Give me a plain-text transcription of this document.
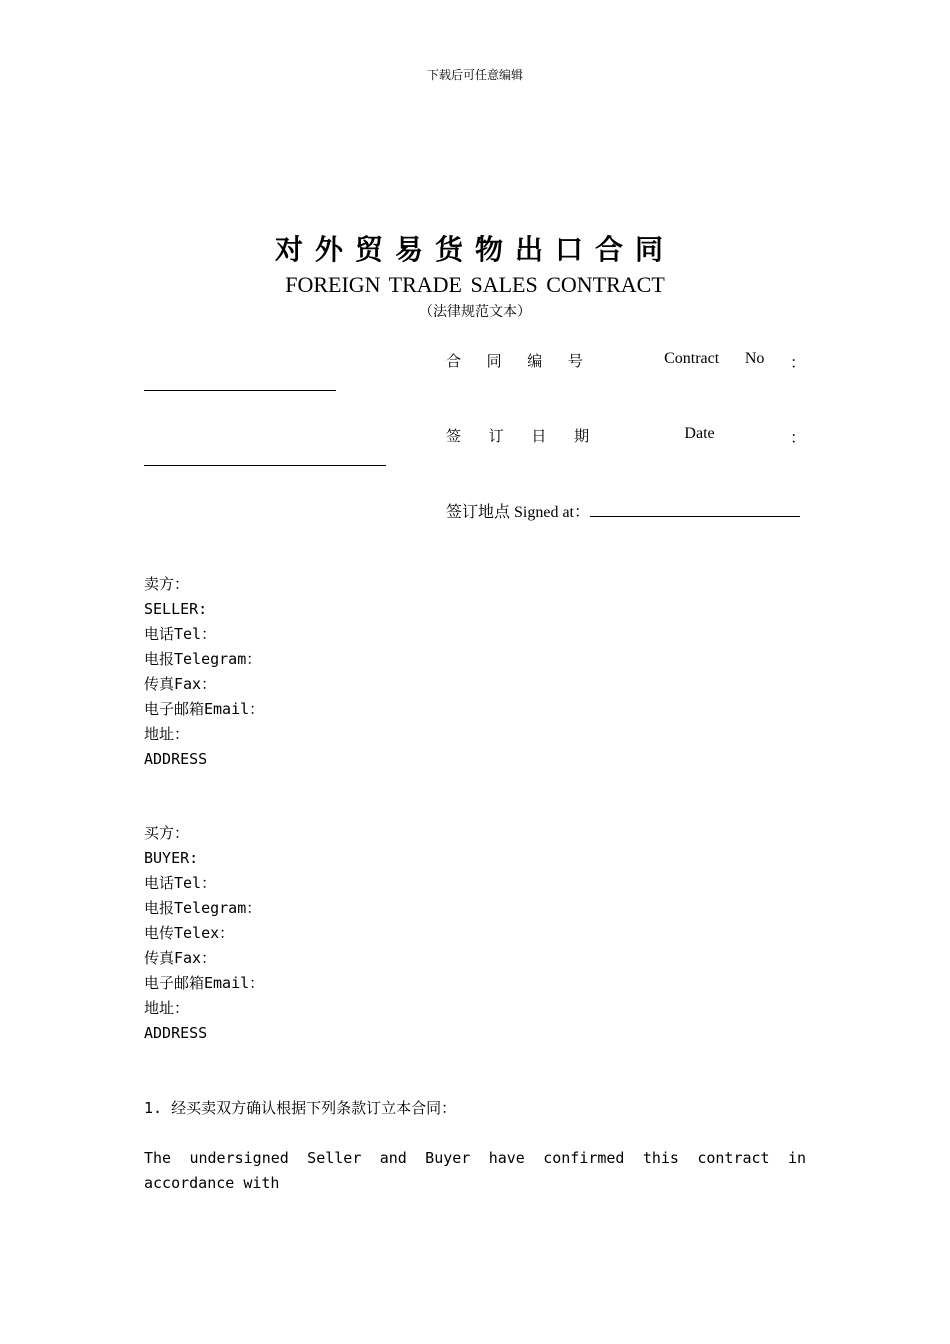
下载后可任意编辑
对外贸易货物出口合同
FOREIGN TRADE SALES CONTRACT
（法律规范文本）
合 同 编 号	Contract No ：
签 订 日 期	Date	：
签订地点 Signed at：
卖方：
SELLER:
电话Tel：
电报Telegram：
传真Fax：
电子邮箱Email：
地址：
ADDRESS
买方：
BUYER:
电话Tel：
电报Telegram：
电传Telex：
传真Fax：
电子邮箱Email：
地址：
ADDRESS
1. 经买卖双方确认根据下列条款订立本合同：
The undersigned Seller and Buyer have confirmed this contract in accordance with
